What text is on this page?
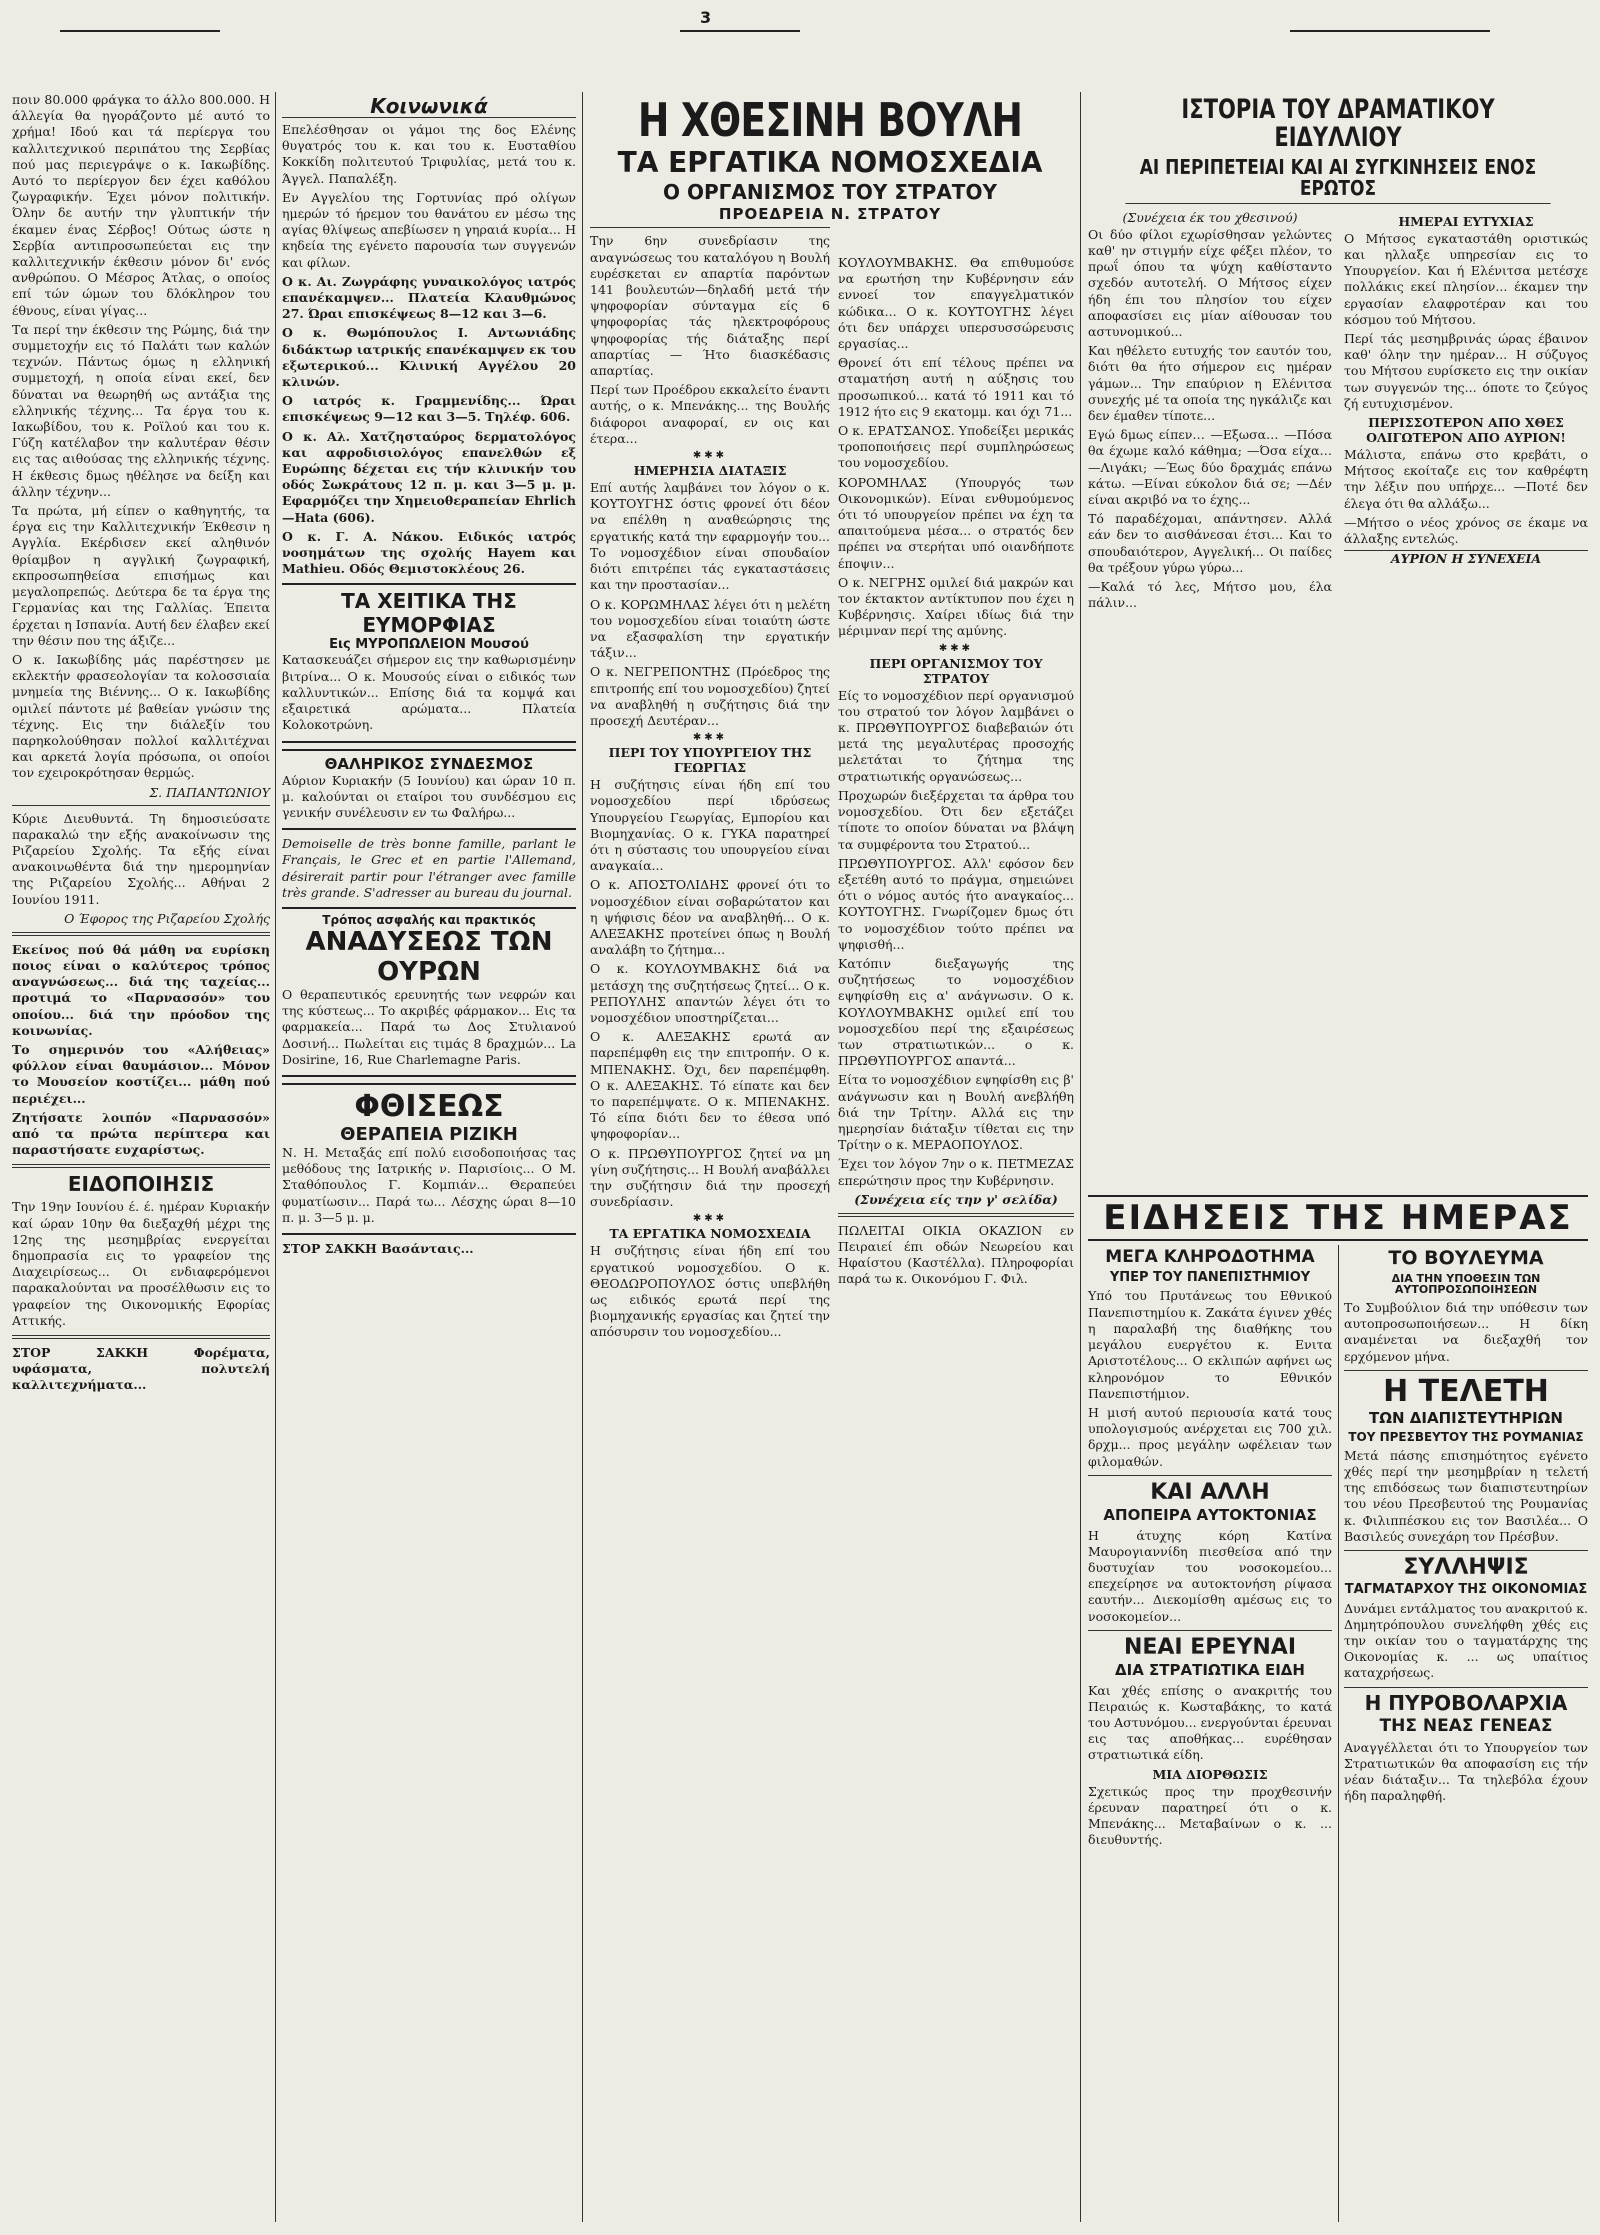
ποιν 80.000 φράγκα το άλλο 800.000. Η άλλεγία θα ηγοράζοντο μέ αυτό το χρήμα! Ιδού και τά περίεργα του καλλιτεχνικού περιπάτου της Σερβίας πού μας περιεγράψε ο κ. Ιακωβίδης. Αυτό το περίεργον δεν έχει καθόλου ζωγραφικήν. Έχει μόνον πολιτικήν. Όλην δε αυτήν την γλυπτικήν τήν έκαμεν ένας Σέρβος! Ούτως ώστε η Σερβία αντιπροσωπεύεται εις την καλλιτεχνικήν έκθεσιν μόνον δι' ενός ανθρώπου. Ο Μέσρος Άτλας, ο οποίος επί τών ώμων του δλόκληρον του έθνους, είναι γίγας...

Τα περί την έκθεσιν της Ρώμης, διά την συμμετοχήν εις τό Παλάτι των καλών τεχνών. Πάντως όμως η ελληνική συμμετοχή, η οποία είναι εκεί, δεν δύναται να θεωρηθή ως αντάξια της ελληνικής τέχνης... Τα έργα του κ. Ιακωβίδου, του κ. Ροϊλού και του κ. Γύζη κατέλαβον την καλυτέραν θέσιν εις τας αιθούσας της ελληνικής τέχνης. Η έκθεσις δμως ηθέλησε να δείξη και άλλην τέχνην...

Τα πρώτα, μή είπεν ο καθηγητής, τα έργα εις την Καλλιτεχνικήν Έκθεσιν η Αγγλία. Εκέρδισεν εκεί αληθινόν θρίαμβον η αγγλική ζωγραφική, εκπροσωπηθείσα επισήμως και μεγαλοπρεπώς. Δεύτερα δε τα έργα της Γερμανίας και της Γαλλίας. Έπειτα έρχεται η Ισπανία. Αυτή δεν έλαβεν εκεί την θέσιν που της άξιζε...

Ο κ. Ιακωβίδης μάς παρέστησεν με εκλεκτήν φρασεολογίαν τα κολοσσιαία μνημεία της Βιέννης... Ο κ. Ιακωβίδης ομιλεί πάντοτε μέ βαθείαν γνώσιν της τέχνης. Εις την διάλεξίν του παρηκολούθησαν πολλοί καλλιτέχναι και αρκετά λογία πρόσωπα, οι οποίοι τον εχειροκρότησαν θερμώς.

Σ. ΠΑΠΑΝΤΩΝΙΟΥ

Κύριε Διευθυντά. Τη δημοσιεύσατε παρακαλώ την εξής ανακοίνωσιν της Ριζαρείου Σχολής. Τα εξής είναι ανακοινωθέντα διά την ημερομηνίαν της Ριζαρείου Σχολής... Αθήναι 2 Ιουνίου 1911.

Ο Έφορος της Ριζαρείου Σχολής

Εκείνος πού θά μάθη να ευρίσκη ποιος είναι ο καλύτερος τρόπος αναγνώσεως... διά της ταχείας... προτιμά το «Παρνασσόν» του οποίου... διά την πρόοδον της κοινωνίας.

Το σημερινόν του «Αλήθειας» φύλλον είναι θαυμάσιον... Μόνον το Μουσείον κοστίζει... μάθη πού περιέχει...

Ζητήσατε λοιπόν «Παρνασσόν» από τα πρώτα περίπτερα και παραστήσατε ευχαρίστως.

ΕΙΔΟΠΟΙΗΣΙΣ

Την 19ην Ιουνίου έ. έ. ημέραν Κυριακήν καί ώραν 10ην θα διεξαχθή μέχρι της 12ης της μεσημβρίας ενεργείται δημοπρασία εις το γραφείον της Διαχειρίσεως... Οι ενδιαφερόμενοι παρακαλούνται να προσέλθωσιν εις το γραφείον της Οικονομικής Εφορίας Αττικής.

ΣΤΟΡ ΣΑΚΚΗ Φορέματα, υφάσματα, πολυτελή καλλιτεχνήματα...

Κοινωνικά

Επελέσθησαν οι γάμοι της δος Ελένης θυγατρός του κ. και του κ. Ευσταθίου Κοκκίδη πολιτευτού Τριφυλίας, μετά του κ. Άγγελ. Παπαλέξη.

Εν Αγγελίου της Γορτυνίας πρό ολίγων ημερών τό ήρεμον του θανάτου εν μέσω της αγίας θλίψεως απεβίωσεν η γηραιά κυρία... Η κηδεία της εγένετο παρουσία των συγγενών και φίλων.

Ο κ. Αι. Ζωγράφης γυναικολόγος ιατρός επανέκαμψεν... Πλατεία Κλαυθμώνος 27. Ώραι επισκέψεως 8—12 και 3—6.

Ο κ. Θωμόπουλος Ι. Αντωνιάδης διδάκτωρ ιατρικής επανέκαμψεν εκ του εξωτερικού... Κλινική Αγγέλου 20 κλινών.

Ο ιατρός κ. Γραμμενίδης... Ώραι επισκέψεως 9—12 και 3—5. Τηλέφ. 606.

Ο κ. Αλ. Χατζησταύρος δερματολόγος και αφροδισιολόγος επανελθών εξ Ευρώπης δέχεται εις τήν κλινικήν του οδός Σωκράτους 12 π. μ. και 3—5 μ. μ. Εφαρμόζει την Χημειοθεραπείαν Ehrlich—Hata (606).

Ο κ. Γ. Α. Νάκου. Ειδικός ιατρός νοσημάτων της σχολής Hayem και Mathieu. Οδός Θεμιστοκλέους 26.

ΤΑ ΧΕΙΤΙΚΑ ΤΗΣ ΕΥΜΟΡΦΙΑΣ
Εις ΜΥΡΟΠΩΛΕΙΟΝ Μουσού

Κατασκευάζει σήμερον εις την καθωρισμένην βιτρίνα... Ο κ. Μουσούς είναι ο ειδικός των καλλυντικών... Επίσης διά τα κομψά και εξαιρετικά αρώματα... Πλατεία Κολοκοτρώνη.

ΘΑΛΗΡΙΚΟΣ ΣΥΝΔΕΣΜΟΣ

Αύριον Κυριακήν (5 Ιουνίου) και ώραν 10 π. μ. καλούνται οι εταίροι του συνδέσμου εις γενικήν συνέλευσιν εν τω Φαλήρω...

Demoiselle de très bonne famille, parlant le Français, le Grec et en partie l'Allemand, désirerait partir pour l'étranger avec famille très grande. S'adresser au bureau du journal.

Τρόπος ασφαλής και πρακτικός
ΑΝΑΔΥΣΕΩΣ ΤΩΝ ΟΥΡΩΝ

Ο θεραπευτικός ερευνητής των νεφρών και της κύστεως... Το ακριβές φάρμακον... Εις τα φαρμακεία... Παρά τω Δος Στυλιανού Δοσινή... Πωλείται εις τιμάς 8 δραχμών... La Dosirine, 16, Rue Charlemagne Paris.

ΦΘΙΣΕΩΣ
ΘΕΡΑΠΕΙΑ ΡΙΖΙΚΗ

Ν. Η. Μεταξάς επί πολύ εισοδοποιήσας τας μεθόδους της Ιατρικής ν. Παρισίοις... Ο Μ. Σταθόπουλος Γ. Κομπιάν... Θεραπεύει φυματίωσιν... Παρά τω... Λέσχης ώραι 8—10 π. μ. 3—5 μ. μ.

ΣΤΟΡ ΣΑΚΚΗ Βασάνταις...

Η ΧΘΕΣΙΝΗ ΒΟΥΛΗ
ΤΑ ΕΡΓΑΤΙΚΑ ΝΟΜΟΣΧΕΔΙΑ
Ο ΟΡΓΑΝΙΣΜΟΣ ΤΟΥ ΣΤΡΑΤΟΥ
ΠΡΟΕΔΡΕΙΑ Ν. ΣΤΡΑΤΟΥ

Την 6ην συνεδρίασιν της αναγνώσεως του καταλόγου η Βουλή ευρέσκεται εν απαρτία παρόντων 141 βουλευτών—δηλαδή μετά τήν ψηφοφορίαν σύνταγμα είς 6 ψηφοφορίας τάς ηλεκτροφόρους ψηφοφορίας τής διάταξης περί απαρτίας — Ήτο διασκέδασις απαρτίας.

Περί των Προέδρου εκκαλείτο έναντι αυτής, ο κ. Μπενάκης... της Βουλής διάφοροι αναφοραί, εν οις και έτερα...

✱✱✱
ΗΜΕΡΗΣΙΑ ΔΙΑΤΑΞΙΣ

Επί αυτής λαμβάνει τον λόγον ο κ. ΚΟΥΤΟΥΓΗΣ όστις φρονεί ότι δέον να επέλθη η αναθεώρησις της εργατικής κατά την εφαρμογήν του... Το νομοσχέδιον είναι σπουδαίον διότι επιτρέπει τάς εγκαταστάσεις και την προστασίαν...

Ο κ. ΚΟΡΩΜΗΛΑΣ λέγει ότι η μελέτη του νομοσχεδίου είναι τοιαύτη ώστε να εξασφαλίση την εργατικήν τάξιν...

Ο κ. ΝΕΓΡΕΠΟΝΤΗΣ (Πρόεδρος της επιτροπής επί του νομοσχεδίου) ζητεί να αναβληθή η συζήτησις διά την προσεχή Δευτέραν...

✱✱✱
ΠΕΡΙ ΤΟΥ ΥΠΟΥΡΓΕΙΟΥ ΤΗΣ ΓΕΩΡΓΙΑΣ

Η συζήτησις είναι ήδη επί του νομοσχεδίου περί ιδρύσεως Υπουργείου Γεωργίας, Εμπορίου και Βιομηχανίας. Ο κ. ΓΥΚΑ παρατηρεί ότι η σύστασις του υπουργείου είναι αναγκαία...

Ο κ. ΑΠΟΣΤΟΛΙΔΗΣ φρονεί ότι το νομοσχέδιον είναι σοβαρώτατον και η ψήφισις δέον να αναβληθή... Ο κ. ΑΛΕΞΑΚΗΣ προτείνει όπως η Βουλή αναλάβη το ζήτημα...

Ο κ. ΚΟΥΛΟΥΜΒΑΚΗΣ διά να μετάσχη της συζητήσεως ζητεί... Ο κ. ΡΕΠΟΥΛΗΣ απαντών λέγει ότι το νομοσχέδιον υποστηρίζεται...

Ο κ. ΑΛΕΞΑΚΗΣ ερωτά αν παρεπέμφθη εις την επιτροπήν. Ο κ. ΜΠΕΝΑΚΗΣ. Όχι, δεν παρεπέμφθη. Ο κ. ΑΛΕΞΑΚΗΣ. Τό είπατε και δεν το παρεπέμψατε. Ο κ. ΜΠΕΝΑΚΗΣ. Τό είπα διότι δεν το έθεσα υπό ψηφοφορίαν...

Ο κ. ΠΡΩΘΥΠΟΥΡΓΟΣ ζητεί να μη γίνη συζήτησις... Η Βουλή αναβάλλει την συζήτησιν διά την προσεχή συνεδρίασιν.

✱✱✱
ΤΑ ΕΡΓΑΤΙΚΑ ΝΟΜΟΣΧΕΔΙΑ

Η συζήτησις είναι ήδη επί του εργατικού νομοσχεδίου. Ο κ. ΘΕΟΔΩΡΟΠΟΥΛΟΣ όστις υπεβλήθη ως ειδικός ερωτά περί της βιομηχανικής εργασίας και ζητεί την απόσυρσιν του νομοσχεδίου...

ΚΟΥΛΟΥΜΒΑΚΗΣ. Θα επιθυμούσε να ερωτήση την Κυβέρνησιν εάν εννοεί τον επαγγελματικόν κώδικα... Ο κ. ΚΟΥΤΟΥΓΗΣ λέγει ότι δεν υπάρχει υπερσυσσώρευσις εργασίας...

Θρονεί ότι επί τέλους πρέπει να σταματήση αυτή η αύξησις του προσωπικού... κατά τό 1911 και τό 1912 ήτο εις 9 εκατομμ. και όχι 71...

Ο κ. ΕΡΑΤΣΑΝΟΣ. Υποδείξει μερικάς τροποποιήσεις περί συμπληρώσεως του νομοσχεδίου.

ΚΟΡΟΜΗΛΑΣ (Υπουργός των Οικονομικών). Είναι ενθυμούμενος ότι τό υπουργείον πρέπει να έχη τα απαιτούμενα μέσα... ο στρατός δεν πρέπει να στερήται υπό οιανδήποτε έποψιν...

Ο κ. ΝΕΓΡΗΣ ομιλεί διά μακρών και τον έκτακτον αντίκτυπον που έχει η Κυβέρνησις. Χαίρει ιδίως διά την μέριμναν περί της αμύνης.

✱✱✱
ΠΕΡΙ ΟΡΓΑΝΙΣΜΟΥ ΤΟΥ ΣΤΡΑΤΟΥ

Είς το νομοσχέδιον περί οργανισμού του στρατού τον λόγον λαμβάνει ο κ. ΠΡΩΘΥΠΟΥΡΓΟΣ διαβεβαιών ότι μετά της μεγαλυτέρας προσοχής μελετάται το ζήτημα της στρατιωτικής οργανώσεως...

Προχωρών διεξέρχεται τα άρθρα του νομοσχεδίου. Ότι δεν εξετάζει τίποτε το οποίον δύναται να βλάψη τα συμφέροντα του Στρατού...

ΠΡΩΘΥΠΟΥΡΓΟΣ. Αλλ' εφόσον δεν εξετέθη αυτό το πράγμα, σημειώνει ότι ο νόμος αυτός ήτο αναγκαίος... ΚΟΥΤΟΥΓΗΣ. Γνωρίζομεν δμως ότι το νομοσχέδιον τούτο πρέπει να ψηφισθή...

Κατόπιν διεξαγωγής της συζητήσεως το νομοσχέδιον εψηφίσθη εις α' ανάγνωσιν. Ο κ. ΚΟΥΛΟΥΜΒΑΚΗΣ ομιλεί επί του νομοσχεδίου περί της εξαιρέσεως των στρατιωτικών... ο κ. ΠΡΩΘΥΠΟΥΡΓΟΣ απαντά...

Είτα το νομοσχέδιον εψηφίσθη εις β' ανάγνωσιν και η Βουλή ανεβλήθη διά την Τρίτην. Αλλά εις την ημερησίαν διάταξιν τίθεται εις την Τρίτην ο κ. ΜΕΡΑΟΠΟΥΛΟΣ.

Έχει τον λόγον 7ην ο κ. ΠΕΤΜΕΖΑΣ επερώτησιν προς την Κυβέρνησιν.

(Συνέχεια είς την γ' σελίδα)

ΠΩΛΕΙΤΑΙ ΟΙΚΙΑ ΟΚΑΖΙΟΝ εν Πειραιεί έπι οδών Νεωρείου και Ηφαίστου (Καστέλλα). Πληροφορίαι παρά τω κ. Οικονόμου Γ. Φιλ.

ΙΣΤΟΡΙΑ ΤΟΥ ΔΡΑΜΑΤΙΚΟΥ ΕΙΔΥΛΛΙΟΥ
ΑΙ ΠΕΡΙΠΕΤΕΙΑΙ ΚΑΙ ΑΙ ΣΥΓΚΙΝΗΣΕΙΣ ΕΝΟΣ ΕΡΩΤΟΣ
(Συνέχεια έκ του χθεσινού)

Οι δύο φίλοι εχωρίσθησαν γελώντες καθ' ην στιγμήν είχε φέξει πλέον, το πρωΐ όπου τα ψύχη καθίσταντο σχεδόν αυτοτελή. Ο Μήτσος είχεν ήδη έπι του πλησίον του είχεν αποφασίσει εις μίαν αίθουσαν του αστυνομικού...

Και ηθέλετο ευτυχής τον εαυτόν του, διότι θα ήτο σήμερον εις ημέραν γάμων... Την επαύριον η Ελένιτσα συνεχής μέ τα οποία της ηγκάλιζε και δεν έμαθεν τίποτε...

Εγώ δμως είπεν… —Εξωσα… —Πόσα θα έχωμε καλό κάθημα; —Όσα είχα… —Λιγάκι; —Έως δύο δραχμάς επάνω κάτω. —Είναι εύκολον διά σε; —Δέν είναι ακριβό να το έχης...

Τό παραδέχομαι, απάντησεν. Αλλά εάν δεν το αισθάνεσαι έτσι... Και το σπουδαιότερον, Αγγελική... Οι παίδες θα τρέξουν γύρω γύρω...

—Καλά τό λες, Μήτσο μου, έλα πάλιν...

ΗΜΕΡΑΙ ΕΥΤΥΧΙΑΣ

Ο Μήτσος εγκαταστάθη οριστικώς και ηλλαξε υπηρεσίαν εις το Υπουργείον. Και ή Ελένιτσα μετέσχε πολλάκις εκεί πλησίον... έκαμεν την εργασίαν ελαφροτέραν και του κόσμου τού Μήτσου.

Περί τάς μεσημβρινάς ώρας έβαινον καθ' όλην την ημέραν... Η σύζυγος του Μήτσου ευρίσκετο εις την οικίαν των συγγενών της... όποτε το ζεύγος ζή ευτυχισμένον.

ΠΕΡΙΣΣΟΤΕΡΟΝ ΑΠΟ ΧΘΕΣ ΟΛΙΓΩΤΕΡΟΝ ΑΠΟ ΑΥΡΙΟΝ!

Μάλιστα, επάνω στο κρεβάτι, ο Μήτσος εκοίταζε εις τον καθρέφτη την λέξιν που υπήρχε... —Ποτέ δεν έλεγα ότι θα αλλάξω...

—Μήτσο ο νέος χρόνος σε έκαμε να άλλαξης εντελώς.

ΑΥΡΙΟΝ Η ΣΥΝΕΧΕΙΑ
ΕΙΔΗΣΕΙΣ ΤΗΣ ΗΜΕΡΑΣ
ΜΕΓΑ ΚΛΗΡΟΔΟΤΗΜΑ
ΥΠΕΡ ΤΟΥ ΠΑΝΕΠΙΣΤΗΜΙΟΥ

Υπό του Πρυτάνεως του Εθνικού Πανεπιστημίου κ. Ζακάτα έγινεν χθές η παραλαβή της διαθήκης του μεγάλου ευεργέτου κ. Ενιτα Αριστοτέλους... Ο εκλιπών αφήνει ως κληρονόμον το Εθνικόν Πανεπιστήμιον.

Η μισή αυτού περιουσία κατά τους υπολογισμούς ανέρχεται εις 700 χιλ. δρχμ... προς μεγάλην ωφέλειαν των φιλομαθών.

ΚΑΙ ΑΛΛΗ
ΑΠΟΠΕΙΡΑ ΑΥΤΟΚΤΟΝΙΑΣ

Η άτυχης κόρη Κατίνα Μαυρογιαννίδη πιεσθείσα από την δυστυχίαν του νοσοκομείου... επεχείρησε να αυτοκτονήση ρίψασα εαυτήν... Διεκομίσθη αμέσως εις το νοσοκομείον...

ΝΕΑΙ ΕΡΕΥΝΑΙ
ΔΙΑ ΣΤΡΑΤΙΩΤΙΚΑ ΕΙΔΗ

Και χθές επίσης ο ανακριτής του Πειραιώς κ. Κωσταβάκης, το κατά του Αστυνόμου... ενεργούνται έρευναι εις τας αποθήκας... ευρέθησαν στρατιωτικά είδη.

ΜΙΑ ΔΙΟΡΘΩΣΙΣ

Σχετικώς προς την προχθεσινήν έρευναν παρατηρεί ότι ο κ. Μπενάκης... Μεταβαίνων ο κ. ... διευθυντής.

ΤΟ ΒΟΥΛΕΥΜΑ
ΔΙΑ ΤΗΝ ΥΠΟΘΕΣΙΝ ΤΩΝ ΑΥΤΟΠΡΟΣΩΠΟΙΗΣΕΩΝ

Το Συμβούλιον διά την υπόθεσιν των αυτοπροσωποιήσεων... Η δίκη αναμένεται να διεξαχθή τον ερχόμενον μήνα.

Η ΤΕΛΕΤΗ
ΤΩΝ ΔΙΑΠΙΣΤΕΥΤΗΡΙΩΝ
ΤΟΥ ΠΡΕΣΒΕΥΤΟΥ ΤΗΣ ΡΟΥΜΑΝΙΑΣ

Μετά πάσης επισημότητος εγένετο χθές περί την μεσημβρίαν η τελετή της επιδόσεως των διαπιστευτηρίων του νέου Πρεσβευτού της Ρουμανίας κ. Φιλιππέσκου εις τον Βασιλέα... Ο Βασιλεύς συνεχάρη τον Πρέσβυν.

ΣΥΛΛΗΨΙΣ
ΤΑΓΜΑΤΑΡΧΟΥ ΤΗΣ ΟΙΚΟΝΟΜΙΑΣ

Δυνάμει εντάλματος του ανακριτού κ. Δημητρόπουλου συνελήφθη χθές εις την οικίαν του ο ταγματάρχης της Οικονομίας κ. ... ως υπαίτιος καταχρήσεως.

Η ΠΥΡΟΒΟΛΑΡΧΙΑ
ΤΗΣ ΝΕΑΣ ΓΕΝΕΑΣ

Αναγγέλλεται ότι το Υπουργείον των Στρατιωτικών θα αποφασίση εις τήν νέαν διάταξιν... Τα τηλεβόλα έχουν ήδη παραληφθή.

3
